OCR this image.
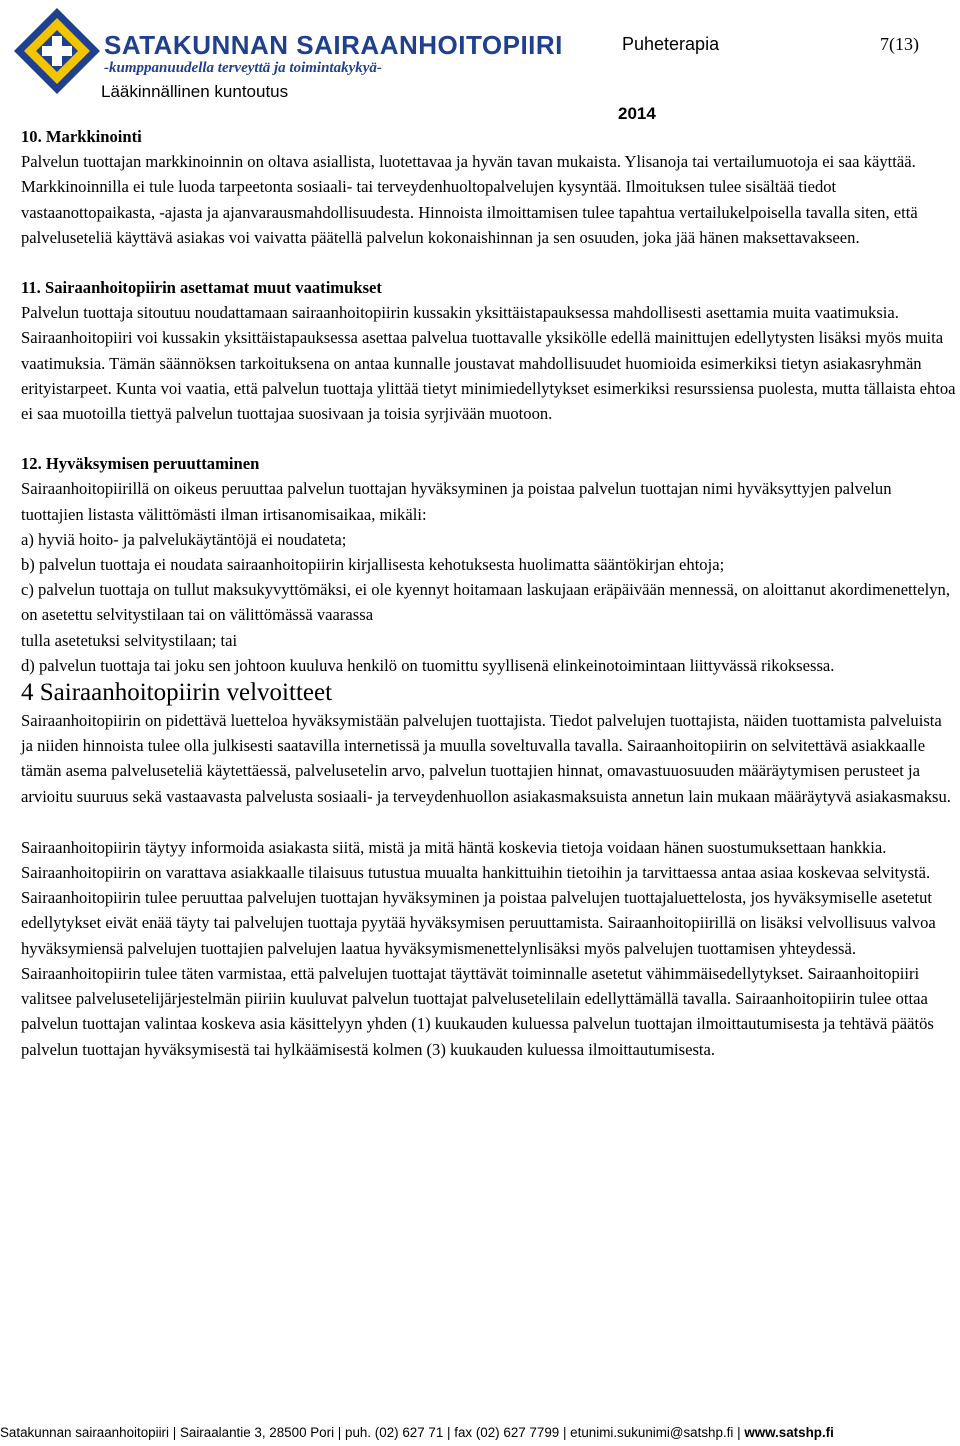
SATAKUNNAN SAIRAANHOITOPIIRI
-kumppanuudella terveyttä ja toimintakykyä-
Lääkinnällinen kuntoutus
Puheterapia	7(13)
2014

10. Markkinointi

Palvelun tuottajan markkinoinnin on oltava asiallista, luotettavaa ja hyvän tavan mukaista. Ylisanoja tai vertailumuotoja ei saa käyttää. Markkinoinnilla ei tule luoda tarpeetonta sosiaali- tai terveydenhuoltopalvelujen kysyntää. Ilmoituksen tulee sisältää tiedot vastaanottopaikasta, -ajasta ja ajanvarausmahdollisuudesta. Hinnoista ilmoittamisen tulee tapahtua vertailukelpoisella tavalla siten, että palveluseteliä käyttävä asiakas voi vaivatta päätellä palvelun kokonaishinnan ja sen osuuden, joka jää hänen maksettavakseen.

11. Sairaanhoitopiirin asettamat muut vaatimukset

Palvelun tuottaja sitoutuu noudattamaan sairaanhoitopiirin kussakin yksittäistapauksessa mahdollisesti asettamia muita vaatimuksia. Sairaanhoitopiiri voi kussakin yksittäistapauksessa asettaa palvelua tuottavalle yksikölle edellä mainittujen edellytysten lisäksi myös muita vaatimuksia. Tämän säännöksen tarkoituksena on antaa kunnalle joustavat mahdollisuudet huomioida esimerkiksi tietyn asiakasryhmän erityistarpeet. Kunta voi vaatia, että palvelun tuottaja ylittää tietyt minimiedellytykset esimerkiksi resurssiensa puolesta, mutta tällaista ehtoa ei saa muotoilla tiettyä palvelun tuottajaa suosivaan ja toisia syrjivään muotoon.

12. Hyväksymisen peruuttaminen

Sairaanhoitopiirillä on oikeus peruuttaa palvelun tuottajan hyväksyminen ja poistaa palvelun tuottajan nimi hyväksyttyjen palvelun tuottajien listasta välittömästi ilman irtisanomisaikaa, mikäli:

a) hyviä hoito- ja palvelukäytäntöjä ei noudateta;

b) palvelun tuottaja ei noudata sairaanhoitopiirin kirjallisesta kehotuksesta huolimatta sääntökirjan ehtoja;

c) palvelun tuottaja on tullut maksukyvyttömäksi, ei ole kyennyt hoitamaan laskujaan eräpäivään mennessä, on aloittanut akordimenettelyn, on asetettu selvitystilaan tai on välittömässä vaarassa

tulla asetetuksi selvitystilaan; tai

d) palvelun tuottaja tai joku sen johtoon kuuluva henkilö on tuomittu syyllisenä elinkeinotoimintaan liittyvässä rikoksessa.

4 Sairaanhoitopiirin velvoitteet

Sairaanhoitopiirin on pidettävä luetteloa hyväksymistään palvelujen tuottajista. Tiedot palvelujen tuottajista, näiden tuottamista palveluista ja niiden hinnoista tulee olla julkisesti saatavilla internetissä ja muulla soveltuvalla tavalla. Sairaanhoitopiirin on selvitettävä asiakkaalle tämän asema palveluseteliä käytettäessä, palvelusetelin arvo, palvelun tuottajien hinnat, omavastuuosuuden määräytymisen perusteet ja arvioitu suuruus sekä vastaavasta palvelusta sosiaali- ja terveydenhuollon asiakasmaksuista annetun lain mukaan määräytyvä asiakasmaksu.

Sairaanhoitopiirin täytyy informoida asiakasta siitä, mistä ja mitä häntä koskevia tietoja voidaan hänen suostumuksettaan hankkia. Sairaanhoitopiirin on varattava asiakkaalle tilaisuus tutustua muualta hankittuihin tietoihin ja tarvittaessa antaa asiaa koskevaa selvitystä.

Sairaanhoitopiirin tulee peruuttaa palvelujen tuottajan hyväksyminen ja poistaa palvelujen tuottajaluettelosta, jos hyväksymiselle asetetut edellytykset eivät enää täyty tai palvelujen tuottaja pyytää hyväksymisen peruuttamista. Sairaanhoitopiirillä on lisäksi velvollisuus valvoa hyväksymiensä palvelujen tuottajien palvelujen laatua hyväksymismenettelynlisäksi myös palvelujen tuottamisen yhteydessä. Sairaanhoitopiirin tulee täten varmistaa, että palvelujen tuottajat täyttävät toiminnalle asetetut vähimmäisedellytykset. Sairaanhoitopiiri valitsee palvelusetelijärjestelmän piiriin kuuluvat palvelun tuottajat palvelusetelilain edellyttämällä tavalla. Sairaanhoitopiirin tulee ottaa palvelun tuottajan valintaa koskeva asia käsittelyyn yhden (1) kuukauden kuluessa palvelun tuottajan ilmoittautumisesta ja tehtävä päätös palvelun tuottajan hyväksymisestä tai hylkäämisestä kolmen (3) kuukauden kuluessa ilmoittautumisesta.

Satakunnan sairaanhoitopiiri | Sairaalantie 3, 28500 Pori | puh. (02) 627 71 | fax (02) 627 7799 | etunimi.sukunimi@satshp.fi | www.satshp.fi
